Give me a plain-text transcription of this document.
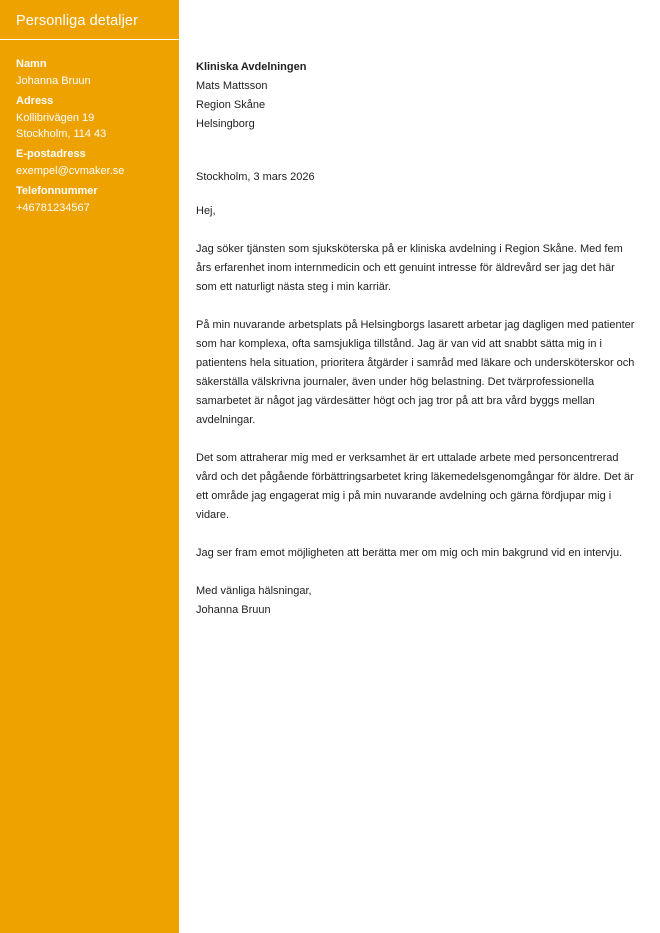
Personliga detaljer
Namn
Johanna Bruun
Adress
Kollibrivägen 19
Stockholm, 114 43
E-postadress
exempel@cvmaker.se
Telefonnummer
+46781234567
Kliniska Avdelningen
Mats Mattsson
Region Skåne
Helsingborg

Stockholm, 3 mars 2026

Hej,

Jag söker tjänsten som sjuksköterska på er kliniska avdelning i Region Skåne. Med fem års erfarenhet inom internmedicin och ett genuint intresse för äldrevård ser jag det här som ett naturligt nästa steg i min karriär.

På min nuvarande arbetsplats på Helsingborgs lasarett arbetar jag dagligen med patienter som har komplexa, ofta samsjukliga tillstånd. Jag är van vid att snabbt sätta mig in i patientens hela situation, prioritera åtgärder i samråd med läkare och undersköterskor och säkerställa välskrivna journaler, även under hög belastning. Det tvärprofessionella samarbetet är något jag värdesätter högt och jag tror på att bra vård byggs mellan avdelningar.

Det som attraherar mig med er verksamhet är ert uttalade arbete med personcentrerad vård och det pågående förbättringsarbetet kring läkemedelsgenomgångar för äldre. Det är ett område jag engagerat mig i på min nuvarande avdelning och gärna fördjupar mig i vidare.

Jag ser fram emot möjligheten att berätta mer om mig och min bakgrund vid en intervju.

Med vänliga hälsningar,
Johanna Bruun
